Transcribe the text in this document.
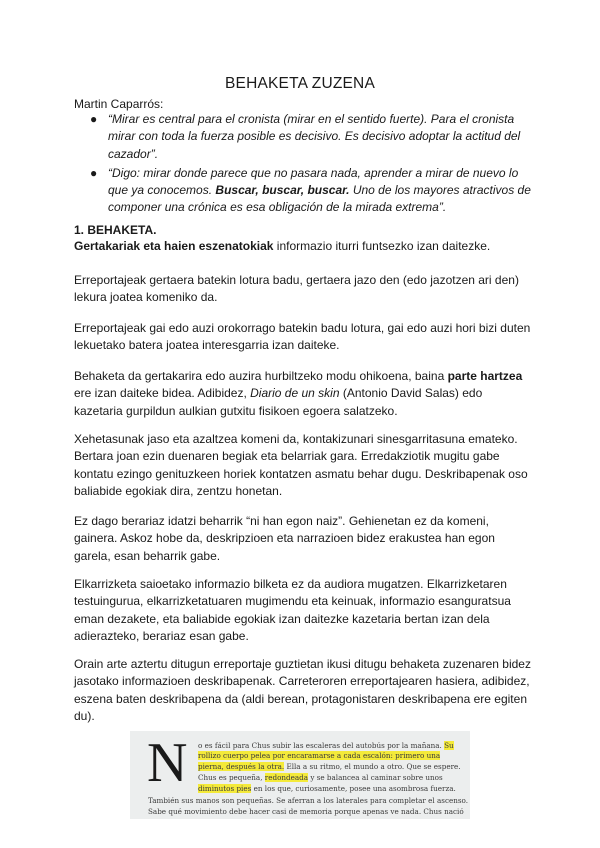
BEHAKETA ZUZENA
Martin Caparrós:
● “Mirar es central para el cronista (mirar en el sentido fuerte). Para el cronista mirar con toda la fuerza posible es decisivo. Es decisivo adoptar la actitud del cazador”.
● “Digo: mirar donde parece que no pasara nada, aprender a mirar de nuevo lo que ya conocemos. Buscar, buscar, buscar. Uno de los mayores atractivos de componer una crónica es esa obligación de la mirada extrema”.
1. BEHAKETA.

Gertakariak eta haien eszenatokiak informazio iturri funtsezko izan daitezke.

Erreportajeak gertaera batekin lotura badu, gertaera jazo den (edo jazotzen ari den) lekura joatea komeniko da.

Erreportajeak gai edo auzi orokorrago batekin badu lotura, gai edo auzi hori bizi duten lekuetako batera joatea interesgarria izan daiteke.

Behaketa da gertakarira edo auzira hurbiltzeko modu ohikoena, baina parte hartzea ere izan daiteke bidea. Adibidez, Diario de un skin (Antonio David Salas) edo kazetaria gurpildun aulkian gutxitu fisikoen egoera salatzeko.

Xehetasunak jaso eta azaltzea komeni da, kontakizunari sinesgarritasuna emateko. Bertara joan ezin duenaren begiak eta belarriak gara. Erredakziotik mugitu gabe kontatu ezingo genituzkeen horiek kontatzen asmatu behar dugu. Deskribapenak oso baliabide egokiak dira, zentzu honetan.

Ez dago berariaz idatzi beharrik “ni han egon naiz”. Gehienetan ez da komeni, gainera. Askoz hobe da, deskripzioen eta narrazioen bidez erakustea han egon garela, esan beharrik gabe.

Elkarrizketa saioetako informazio bilketa ez da audiora mugatzen. Elkarrizketaren testuingurua, elkarrizketatuaren mugimendu eta keinuak, informazio esanguratsua eman dezakete, eta baliabide egokiak izan daitezke kazetaria bertan izan dela adierazteko, berariaz esan gabe.

Orain arte aztertu ditugun erreportaje guztietan ikusi ditugu behaketa zuzenaren bidez jasotako informazioen deskribapenak. Carreteroren erreportajearen hasiera, adibidez, eszena baten deskribapena da (aldi berean, protagonistaren deskribapena ere egiten du).

N o es fácil para Chus subir las escaleras del autobús por la mañana. Su
rollizo cuerpo pelea por encaramarse a cada escalón: primero una
pierna, después la otra. Ella a su ritmo, el mundo a otro. Que se espere.
Chus es pequeña, redondeada y se balancea al caminar sobre unos
diminutos pies en los que, curiosamente, posee una asombrosa fuerza.
También sus manos son pequeñas. Se aferran a los laterales para completar el ascenso.
Sabe qué movimiento debe hacer casi de memoria porque apenas ve nada. Chus nació
